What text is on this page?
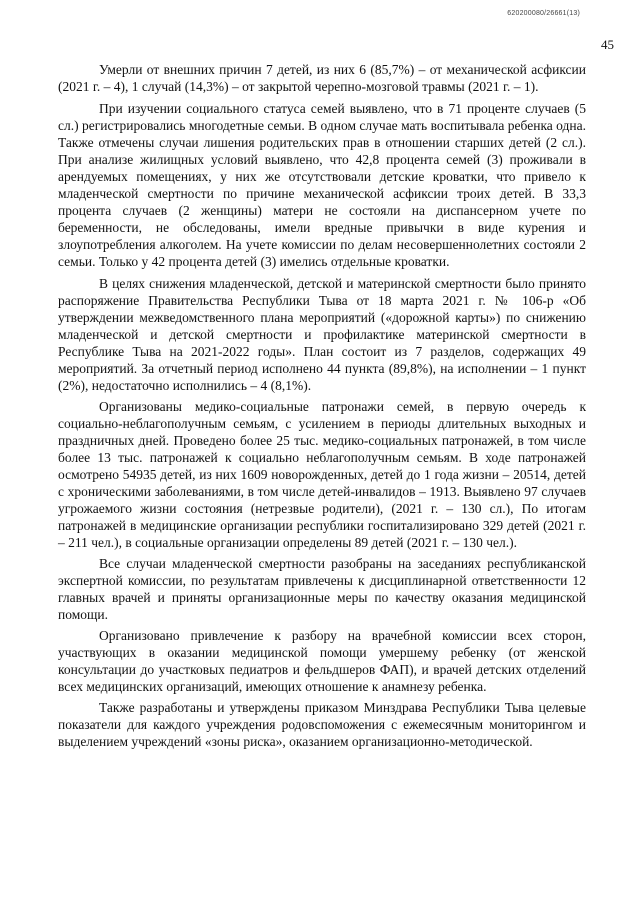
620200080/26661(13)
45

Умерли от внешних причин 7 детей, из них 6 (85,7%) – от механической асфиксии (2021 г. – 4), 1 случай (14,3%) – от закрытой черепно-мозговой травмы (2021 г. – 1).

При изучении социального статуса семей выявлено, что в 71 проценте случаев (5 сл.) регистрировались многодетные семьи. В одном случае мать воспитывала ребенка одна. Также отмечены случаи лишения родительских прав в отношении старших детей (2 сл.). При анализе жилищных условий выявлено, что 42,8 процента семей (3) проживали в арендуемых помещениях, у них же отсутствовали детские кроватки, что привело к младенческой смертности по причине механической асфиксии троих детей. В 33,3 процента случаев (2 женщины) матери не состояли на диспансерном учете по беременности, не обследованы, имели вредные привычки в виде курения и злоупотребления алкоголем. На учете комиссии по делам несовершеннолетних состояли 2 семьи. Только у 42 процента детей (3) имелись отдельные кроватки.

В целях снижения младенческой, детской и материнской смертности было принято распоряжение Правительства Республики Тыва от 18 марта 2021 г. № 106-р «Об утверждении межведомственного плана мероприятий («дорожной карты») по снижению младенческой и детской смертности и профилактике материнской смертности в Республике Тыва на 2021-2022 годы». План состоит из 7 разделов, содержащих 49 мероприятий. За отчетный период исполнено 44 пункта (89,8%), на исполнении – 1 пункт (2%), недостаточно исполнились – 4 (8,1%).

Организованы медико-социальные патронажи семей, в первую очередь к социально-неблагополучным семьям, с усилением в периоды длительных выходных и праздничных дней. Проведено более 25 тыс. медико-социальных патронажей, в том числе более 13 тыс. патронажей к социально неблагополучным семьям. В ходе патронажей осмотрено 54935 детей, из них 1609 новорожденных, детей до 1 года жизни – 20514, детей с хроническими заболеваниями, в том числе детей-инвалидов – 1913. Выявлено 97 случаев угрожаемого жизни состояния (нетрезвые родители), (2021 г. – 130 сл.), По итогам патронажей в медицинские организации республики госпитализировано 329 детей (2021 г. – 211 чел.), в социальные организации определены 89 детей (2021 г. – 130 чел.).

Все случаи младенческой смертности разобраны на заседаниях республиканской экспертной комиссии, по результатам привлечены к дисциплинарной ответственности 12 главных врачей и приняты организационные меры по качеству оказания медицинской помощи.

Организовано привлечение к разбору на врачебной комиссии всех сторон, участвующих в оказании медицинской помощи умершему ребенку (от женской консультации до участковых педиатров и фельдшеров ФАП), и врачей детских отделений всех медицинских организаций, имеющих отношение к анамнезу ребенка.

Также разработаны и утверждены приказом Минздрава Республики Тыва целевые показатели для каждого учреждения родовспоможения с ежемесячным мониторингом и выделением учреждений «зоны риска», оказанием организационно-методической.
